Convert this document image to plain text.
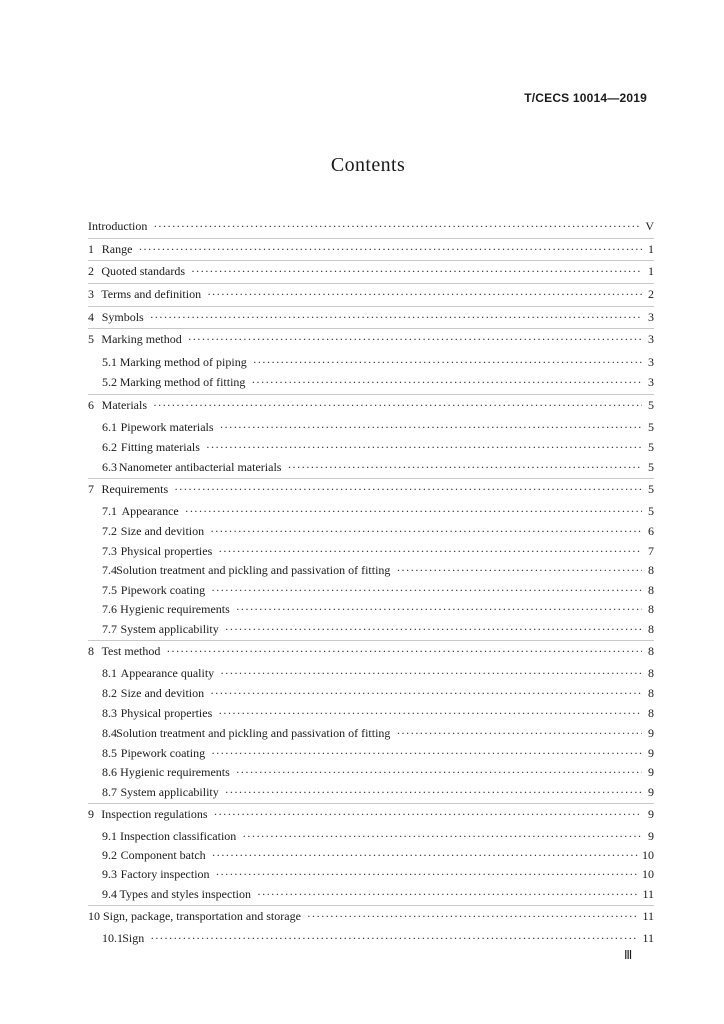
T/CECS 10014—2019
Contents
Introduction ·····	V
1 Range ·····	1
2 Quoted standards ·····	1
3 Terms and definition ·····	2
4 Symbols ·····	3
5 Marking method ·····	3
5.1 Marking method of piping ·····	3
5.2 Marking method of fitting ·····	3
6 Materials ·····	5
6.1 Pipework materials ·····	5
6.2 Fitting materials ·····	5
6.3 Nanometer antibacterial materials ·····	5
7 Requirements ·····	5
7.1 Appearance ·····	5
7.2 Size and devition ·····	6
7.3 Physical properties ·····	7
7.4 Solution treatment and pickling and passivation of fitting ·····	8
7.5 Pipework coating ·····	8
7.6 Hygienic requirements ·····	8
7.7 System applicability ·····	8
8 Test method ·····	8
8.1 Appearance quality ·····	8
8.2 Size and devition ·····	8
8.3 Physical properties ·····	8
8.4 Solution treatment and pickling and passivation of fitting ·····	9
8.5 Pipework coating ·····	9
8.6 Hygienic requirements ·····	9
8.7 System applicability ·····	9
9 Inspection regulations ·····	9
9.1 Inspection classification ·····	9
9.2 Component batch ·····	10
9.3 Factory inspection ·····	10
9.4 Types and styles inspection ·····	11
10 Sign, package, transportation and storage ·····	11
10.1 Sign ·····	11
Ⅲ
